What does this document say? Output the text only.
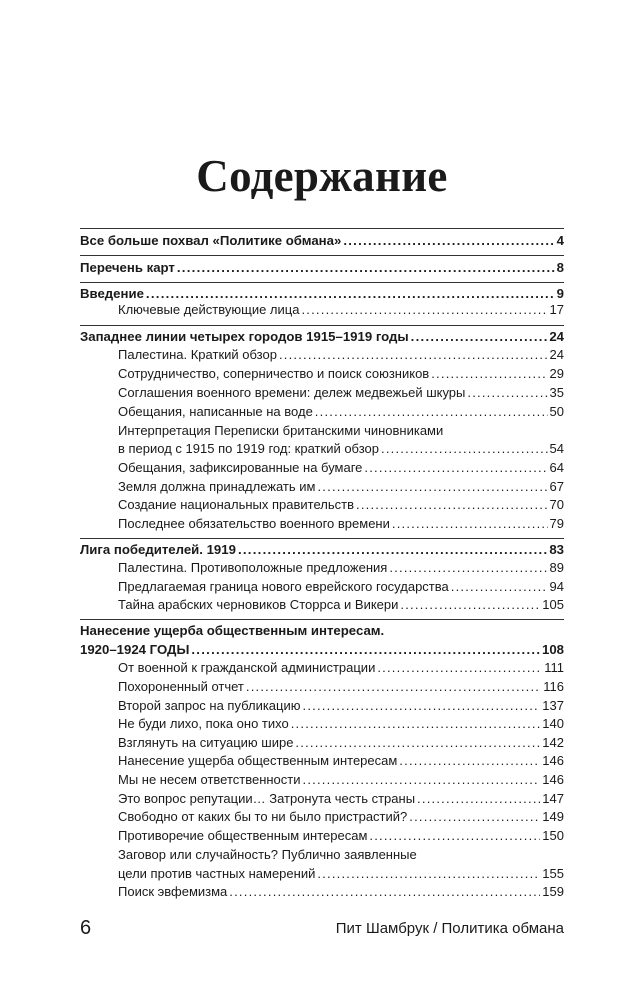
Содержание
Все больше похвал «Политике обмана» . . .	4
Перечень карт . . .	8
Введение . . .	9
Ключевые действующие лица . . .	17
Западнее линии четырех городов 1915–1919 годы . . .	24
Палестина. Краткий обзор . . .	24
Сотрудничество, соперничество и поиск союзников . . .	29
Соглашения военного времени: дележ медвежьей шкуры . . .	35
Обещания, написанные на воде . . .	50
Интерпретация Переписки британскими чиновниками
в период с 1915 по 1919 год: краткий обзор . . .	54
Обещания, зафиксированные на бумаге . . .	64
Земля должна принадлежать им . . .	67
Создание национальных правительств . . .	70
Последнее обязательство военного времени . . .	79
Лига победителей. 1919 . . .	83
Палестина. Противоположные предложения . . .	89
Предлагаемая граница нового еврейского государства . . .	94
Тайна арабских черновиков Сторрса и Викери . . .	105
Нанесение ущерба общественным интересам.
1920–1924 ГОДЫ . . .	108
От военной к гражданской администрации . . .	111
Похороненный отчет . . .	116
Второй запрос на публикацию . . .	137
Не буди лихо, пока оно тихо . . .	140
Взглянуть на ситуацию шире . . .	142
Нанесение ущерба общественным интересам . . .	146
Мы не несем ответственности . . .	146
Это вопрос репутации… Затронута честь страны . . .	147
Свободно от каких бы то ни было пристрастий? . . .	149
Противоречие общественным интересам . . .	150
Заговор или случайность? Публично заявленные
цели против частных намерений . . .	155
Поиск эвфемизма . . .	159
6	Пит Шамбрук / Политика обмана
